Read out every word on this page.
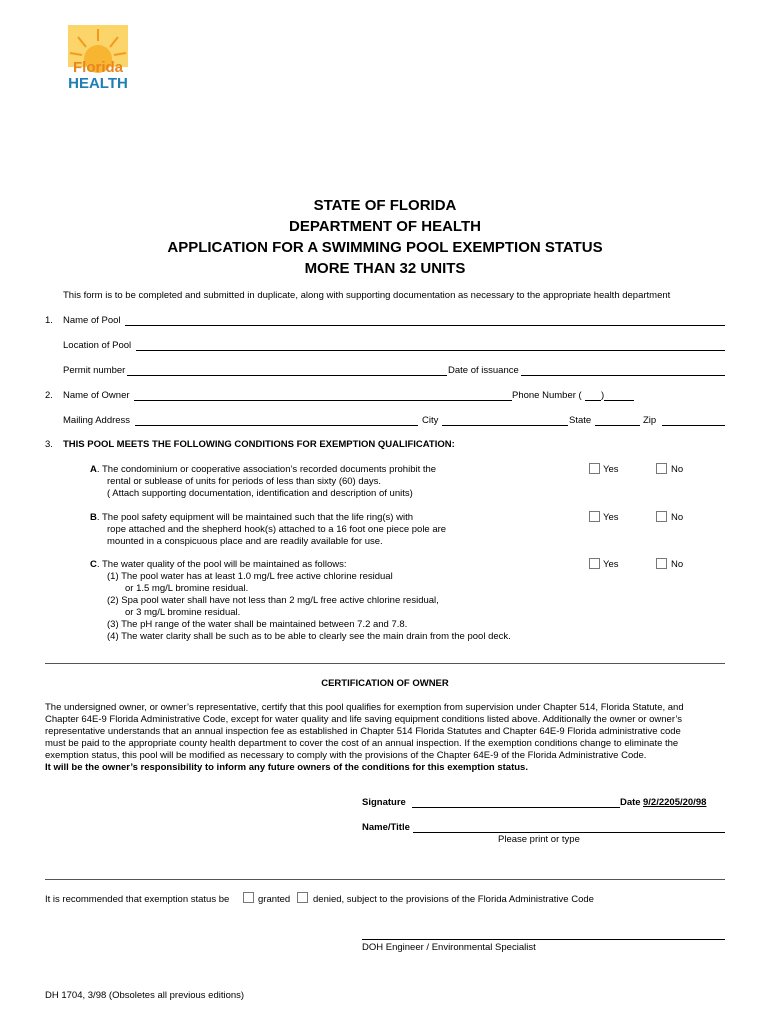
Florida
HEALTH
STATE OF FLORIDA
DEPARTMENT OF HEALTH
APPLICATION FOR A SWIMMING POOL EXEMPTION STATUS
MORE THAN 32 UNITS
This form is to be completed and submitted in duplicate, along with supporting documentation as necessary to the appropriate health department
1. Name of Pool
Location of Pool
Permit number	Date of issuance
2. Name of Owner	Phone Number ( )
Mailing Address	City	State	Zip
3. THIS POOL MEETS THE FOLLOWING CONDITIONS FOR EXEMPTION QUALIFICATION:
A. The condominium or cooperative association’s recorded documents prohibit the
rental or sublease of units for periods of less than sixty (60) days.
( Attach supporting documentation, identification and description of units)
Yes	No
B. The pool safety equipment will be maintained such that the life ring(s) with
rope attached and the shepherd hook(s) attached to a 16 foot one piece pole are
mounted in a conspicuous place and are readily available for use.
Yes	No
C. The water quality of the pool will be maintained as follows:
(1) The pool water has at least 1.0 mg/L free active chlorine residual
or 1.5 mg/L bromine residual.
(2) Spa pool water shall have not less than 2 mg/L free active chlorine residual,
or 3 mg/L bromine residual.
(3) The pH range of the water shall be maintained between 7.2 and 7.8.
(4) The water clarity shall be such as to be able to clearly see the main drain from the pool deck.
Yes	No
CERTIFICATION OF OWNER
The undersigned owner, or owner’s representative, certify that this pool qualifies for exemption from supervision under Chapter 514, Florida Statute, and
Chapter 64E-9 Florida Administrative Code, except for water quality and life saving equipment conditions listed above. Additionally the owner or owner’s
representative understands that an annual inspection fee as established in Chapter 514 Florida Statutes and Chapter 64E-9 Florida administrative code
must be paid to the appropriate county health department to cover the cost of an annual inspection. If the exemption conditions change to eliminate the
exemption status, this pool will be modified as necessary to comply with the provisions of the Chapter 64E-9 of the Florida Administrative Code.
It will be the owner’s responsibility to inform any future owners of the conditions for this exemption status.
Signature	Date 9/2/2205/20/98
Name/Title
Please print or type
It is recommended that exemption status be	granted denied, subject to the provisions of the Florida Administrative Code
DOH Engineer / Environmental Specialist
DH 1704, 3/98 (Obsoletes all previous editions)
